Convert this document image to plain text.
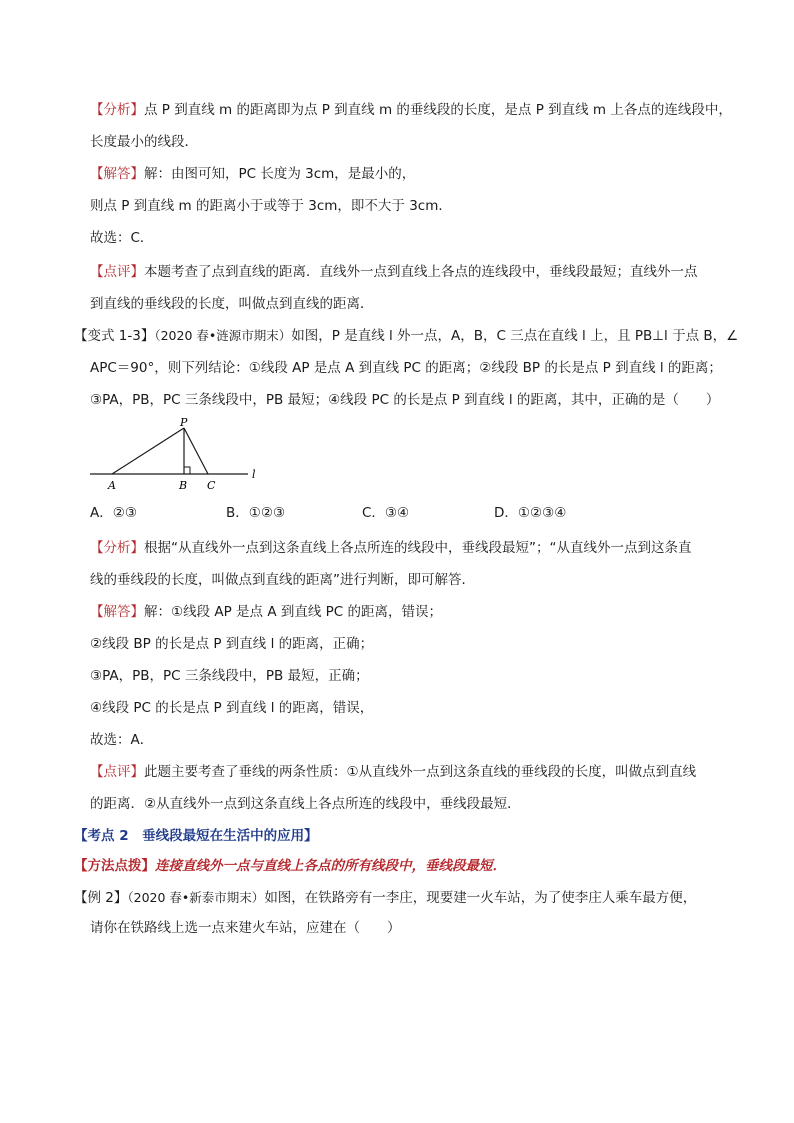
【分析】点 P 到直线 m 的距离即为点 P 到直线 m 的垂线段的长度，是点 P 到直线 m 上各点的连线段中，
长度最小的线段．
【解答】解：由图可知，PC 长度为 3cm，是最小的，
则点 P 到直线 m 的距离小于或等于 3cm，即不大于 3cm．
故选：C．
【点评】本题考查了点到直线的距离．直线外一点到直线上各点的连线段中，垂线段最短；直线外一点
到直线的垂线段的长度，叫做点到直线的距离．
【变式 1-3】（2020 春•涟源市期末）如图，P 是直线 l 外一点，A，B，C 三点在直线 l 上，且 PB⊥l 于点 B，∠
APC＝90°，则下列结论：①线段 AP 是点 A 到直线 PC 的距离；②线段 BP 的长是点 P 到直线 l 的距离；
③PA，PB，PC 三条线段中，PB 最短；④线段 PC 的长是点 P 到直线 l 的距离，其中，正确的是（　　）
P
A	B C
l
A．②③	B．①②③	C．③④	D．①②③④
【分析】根据“从直线外一点到这条直线上各点所连的线段中，垂线段最短”；“从直线外一点到这条直
线的垂线段的长度，叫做点到直线的距离”进行判断，即可解答．
【解答】解：①线段 AP 是点 A 到直线 PC 的距离，错误；
②线段 BP 的长是点 P 到直线 l 的距离，正确；
③PA，PB，PC 三条线段中，PB 最短，正确；
④线段 PC 的长是点 P 到直线 l 的距离，错误，
故选：A．
【点评】此题主要考查了垂线的两条性质：①从直线外一点到这条直线的垂线段的长度，叫做点到直线
的距离．②从直线外一点到这条直线上各点所连的线段中，垂线段最短．
【考点 2　垂线段最短在生活中的应用】
【方法点拨】连接直线外一点与直线上各点的所有线段中，垂线段最短．
【例 2】（2020 春•新泰市期末）如图，在铁路旁有一李庄，现要建一火车站，为了使李庄人乘车最方便，
请你在铁路线上选一点来建火车站，应建在（　　）
